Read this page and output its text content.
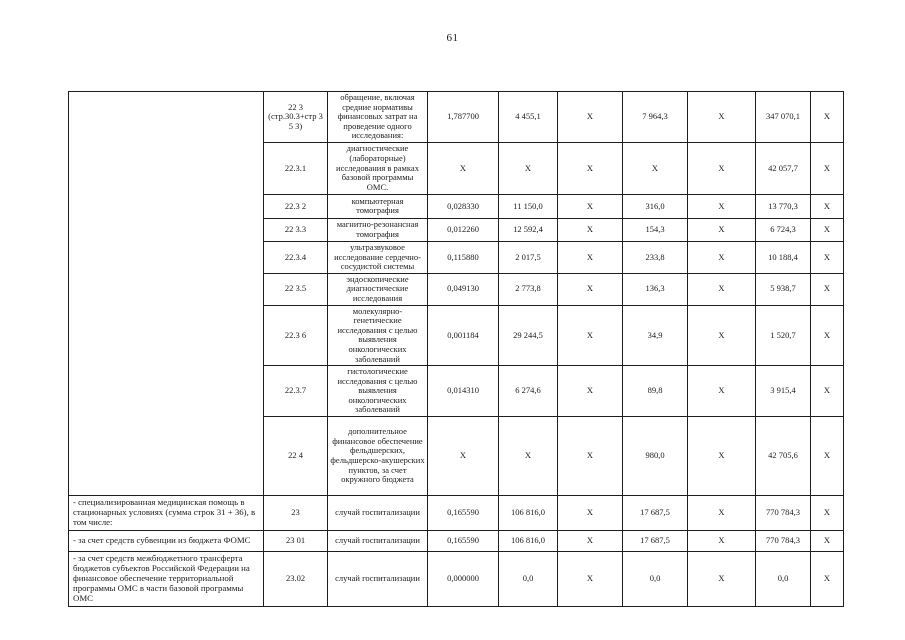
61
	22 3 (стр.30.3+стр 3 5 3)	обращение, включая средние нормативы финансовых затрат на проведение одного исследования:	1,787700	4 455,1	X	7 964,3	X	347 070,1	X
	22.3.1	диагностические (лабораторные) исследования в рамках базовой программы ОМС.	X	X	X	X	X	42 057,7	X
	22.3 2	компьютерная томография	0,028330	11 150,0	X	316,0	X	13 770,3	X
	22 3.3	магнитно-резонансная томография	0,012260	12 592,4	X	154,3	X	6 724,3	X
	22.3.4	ультразвуковое исследование сердечно-сосудистой системы	0,115880	2 017,5	X	233,8	X	10 188,4	X
	22 3.5	эндоскопические диагностические исследования	0,049130	2 773,8	X	136,3	X	5 938,7	X
	22.3 6	молекулярно-генетические исследования с целью выявления онкологических заболеваний	0,001184	29 244,5	X	34,9	X	1 520,7	X
	22.3.7	гистологические исследования с целью выявления онкологических заболеваний	0,014310	6 274,6	X	89,8	X	3 915,4	X
	22 4	дополнительное финансовое обеспечение фельдшерских, фельдшерско-акушерских пунктов, за счет окружного бюджета	X	X	X	980,0	X	42 705,6	X
- специализированная медицинская помощь в стационарных условиях (сумма строк 31 + 36), в том числе:	23	случай госпитализации	0,165590	106 816,0	X	17 687,5	X	770 784,3	X
- за счет средств субвенции из бюджета ФОМС	23 01	случай госпитализации	0,165590	106 816,0	X	17 687,5	X	770 784,3	X
- за счет средств межбюджетного трансферта бюджетов субъектов Российской Федерации на финансовое обеспечение территориальной программы ОМС в части базовой программы ОМС	23.02	случай госпитализации	0,000000	0,0	X	0,0	X	0,0	X
